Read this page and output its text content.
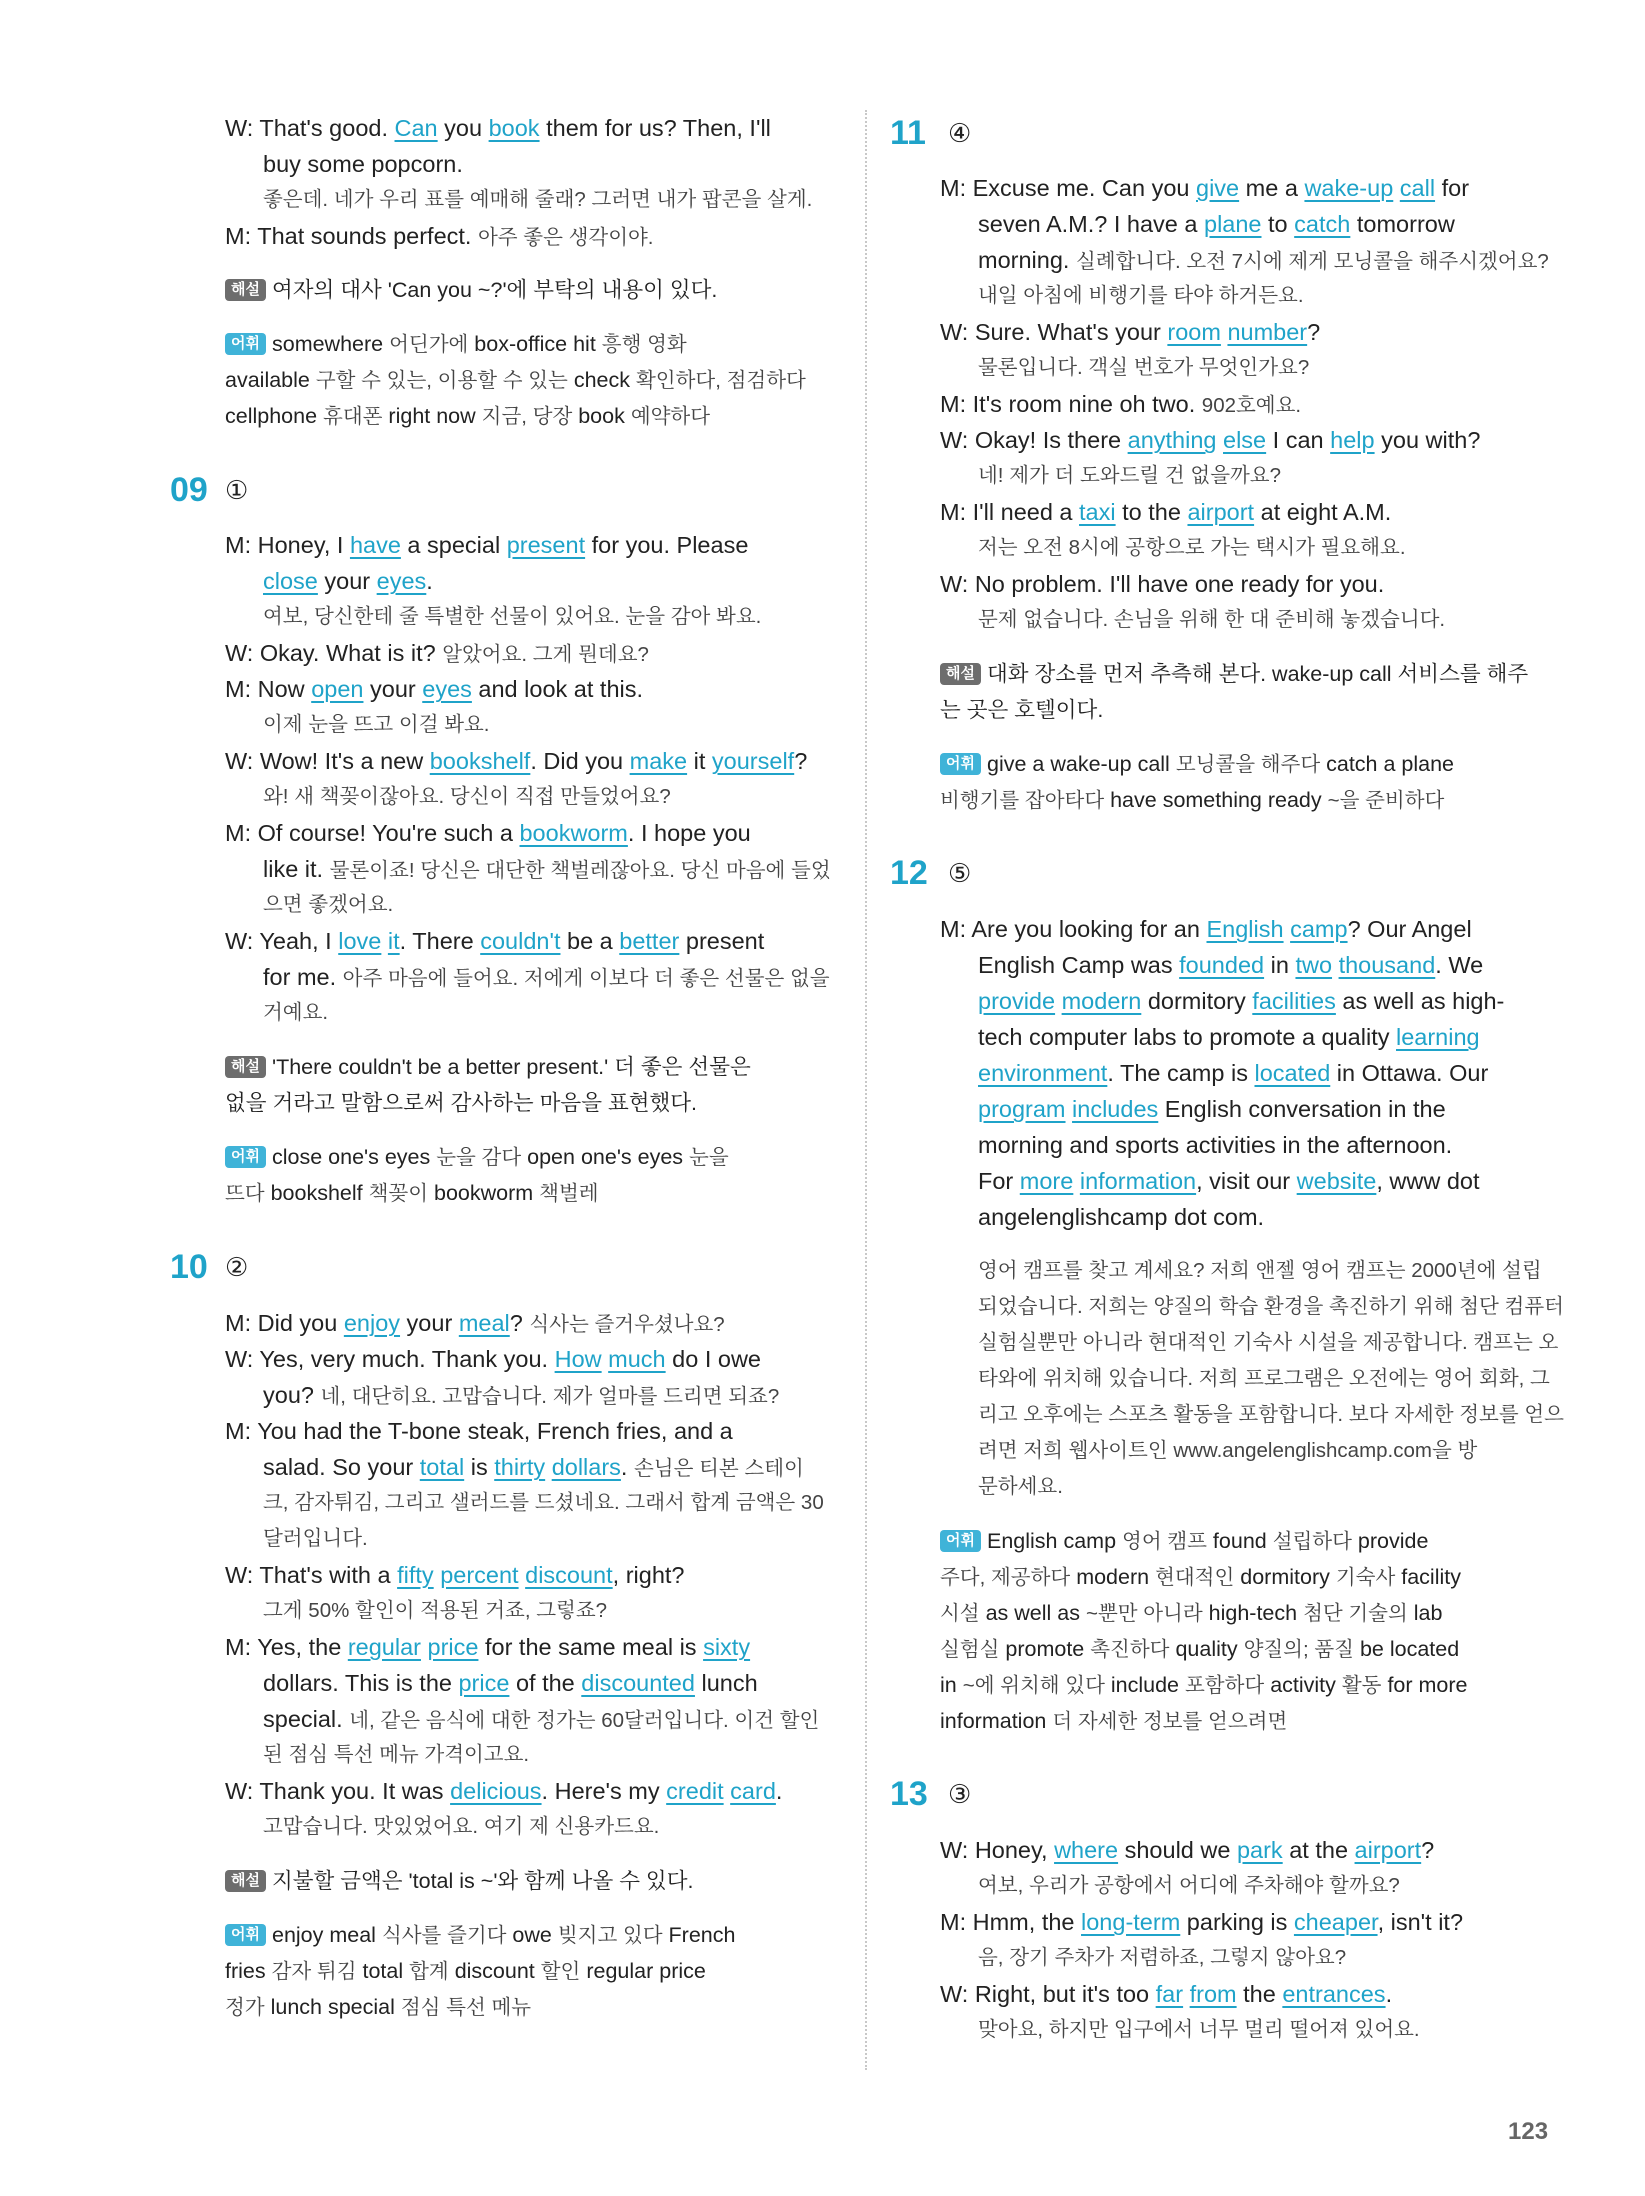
W: That's good. Can you book them for us? Then, I'll
buy some popcorn.
좋은데. 네가 우리 표를 예매해 줄래? 그러면 내가 팝콘을 살게.
M: That sounds perfect. 아주 좋은 생각이야.
해설 여자의 대사 'Can you ~?'에 부탁의 내용이 있다.
어휘 somewhere 어딘가에 box-office hit 흥행 영화
available 구할 수 있는, 이용할 수 있는 check 확인하다, 점검하다
cellphone 휴대폰 right now 지금, 당장 book 예약하다
09 ①
M: Honey, I have a special present for you. Please
close your eyes.
여보, 당신한테 줄 특별한 선물이 있어요. 눈을 감아 봐요.
W: Okay. What is it? 알았어요. 그게 뭔데요?
M: Now open your eyes and look at this.
이제 눈을 뜨고 이걸 봐요.
W: Wow! It's a new bookshelf. Did you make it yourself?
와! 새 책꽂이잖아요. 당신이 직접 만들었어요?
M: Of course! You're such a bookworm. I hope you
like it. 물론이죠! 당신은 대단한 책벌레잖아요. 당신 마음에 들었
으면 좋겠어요.
W: Yeah, I love it. There couldn't be a better present
for me. 아주 마음에 들어요. 저에게 이보다 더 좋은 선물은 없을
거예요.
해설 'There couldn't be a better present.' 더 좋은 선물은
없을 거라고 말함으로써 감사하는 마음을 표현했다.
어휘 close one's eyes 눈을 감다 open one's eyes 눈을
뜨다 bookshelf 책꽂이 bookworm 책벌레
10 ②
M: Did you enjoy your meal? 식사는 즐거우셨나요?
W: Yes, very much. Thank you. How much do I owe
you? 네, 대단히요. 고맙습니다. 제가 얼마를 드리면 되죠?
M: You had the T-bone steak, French fries, and a
salad. So your total is thirty dollars. 손님은 티본 스테이
크, 감자튀김, 그리고 샐러드를 드셨네요. 그래서 합계 금액은 30
달러입니다.
W: That's with a fifty percent discount, right?
그게 50% 할인이 적용된 거죠, 그렇죠?
M: Yes, the regular price for the same meal is sixty
dollars. This is the price of the discounted lunch
special. 네, 같은 음식에 대한 정가는 60달러입니다. 이건 할인
된 점심 특선 메뉴 가격이고요.
W: Thank you. It was delicious. Here's my credit card.
고맙습니다. 맛있었어요. 여기 제 신용카드요.
해설 지불할 금액은 'total is ~'와 함께 나올 수 있다.
어휘 enjoy meal 식사를 즐기다 owe 빚지고 있다 French
fries 감자 튀김 total 합계 discount 할인 regular price
정가 lunch special 점심 특선 메뉴
11 ④
M: Excuse me. Can you give me a wake-up call for
seven A.M.? I have a plane to catch tomorrow
morning. 실례합니다. 오전 7시에 제게 모닝콜을 해주시겠어요?
내일 아침에 비행기를 타야 하거든요.
W: Sure. What's your room number?
물론입니다. 객실 번호가 무엇인가요?
M: It's room nine oh two. 902호예요.
W: Okay! Is there anything else I can help you with?
네! 제가 더 도와드릴 건 없을까요?
M: I'll need a taxi to the airport at eight A.M.
저는 오전 8시에 공항으로 가는 택시가 필요해요.
W: No problem. I'll have one ready for you.
문제 없습니다. 손님을 위해 한 대 준비해 놓겠습니다.
해설 대화 장소를 먼저 추측해 본다. wake-up call 서비스를 해주
는 곳은 호텔이다.
어휘 give a wake-up call 모닝콜을 해주다 catch a plane
비행기를 잡아타다 have something ready ~을 준비하다
12 ⑤
M: Are you looking for an English camp? Our Angel
English Camp was founded in two thousand. We
provide modern dormitory facilities as well as high-
tech computer labs to promote a quality learning
environment. The camp is located in Ottawa. Our
program includes English conversation in the
morning and sports activities in the afternoon.
For more information, visit our website, www dot
angelenglishcamp dot com.
영어 캠프를 찾고 계세요? 저희 앤젤 영어 캠프는 2000년에 설립
되었습니다. 저희는 양질의 학습 환경을 촉진하기 위해 첨단 컴퓨터
실험실뿐만 아니라 현대적인 기숙사 시설을 제공합니다. 캠프는 오
타와에 위치해 있습니다. 저희 프로그램은 오전에는 영어 회화, 그
리고 오후에는 스포츠 활동을 포함합니다. 보다 자세한 정보를 얻으
려면 저희 웹사이트인 www.angelenglishcamp.com을 방
문하세요.
어휘 English camp 영어 캠프 found 설립하다 provide
주다, 제공하다 modern 현대적인 dormitory 기숙사 facility
시설 as well as ~뿐만 아니라 high-tech 첨단 기술의 lab
실험실 promote 촉진하다 quality 양질의; 품질 be located
in ~에 위치해 있다 include 포함하다 activity 활동 for more
information 더 자세한 정보를 얻으려면
13 ③
W: Honey, where should we park at the airport?
여보, 우리가 공항에서 어디에 주차해야 할까요?
M: Hmm, the long-term parking is cheaper, isn't it?
음, 장기 주차가 저렴하죠, 그렇지 않아요?
W: Right, but it's too far from the entrances.
맞아요, 하지만 입구에서 너무 멀리 떨어져 있어요.
123
